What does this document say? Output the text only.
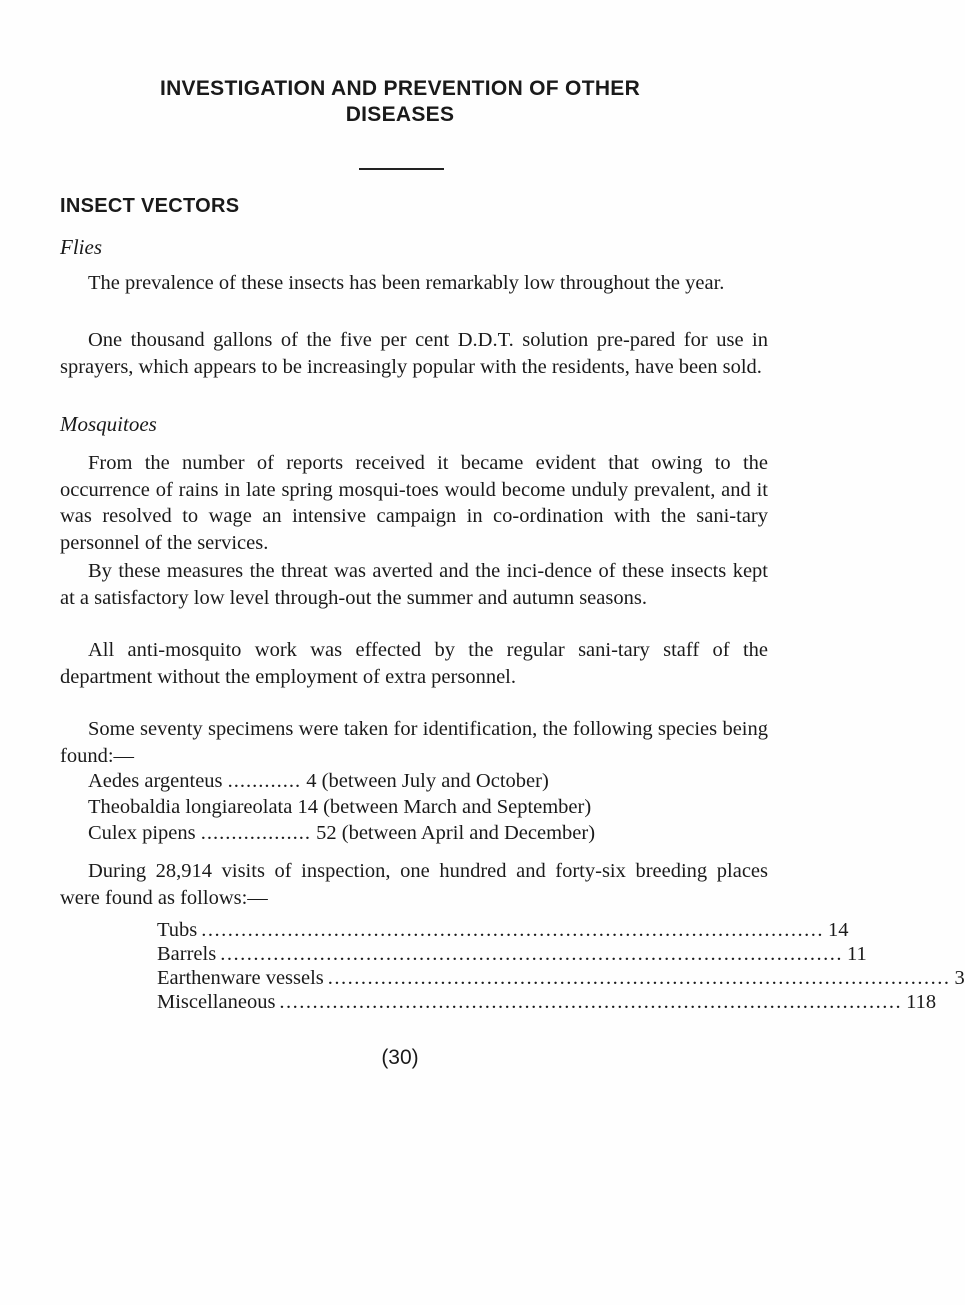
INVESTIGATION AND PREVENTION OF OTHER
DISEASES
INSECT VECTORS
Flies
The prevalence of these insects has been remarkably low throughout the year.
One thousand gallons of the five per cent D.D.T. solution pre-pared for use in sprayers, which appears to be increasingly popular with the residents, have been sold.
Mosquitoes
From the number of reports received it became evident that owing to the occurrence of rains in late spring mosqui-toes would become unduly prevalent, and it was resolved to wage an intensive campaign in co-ordination with the sani-tary personnel of the services.
By these measures the threat was averted and the inci-dence of these insects kept at a satisfactory low level through-out the summer and autumn seasons.
All anti-mosquito work was effected by the regular sani-tary staff of the department without the employment of extra personnel.
Some seventy specimens were taken for identification, the following species being found:—
Aedes argenteus ............ 4 (between July and October)
Theobaldia longiareolata 14 (between March and September)
Culex pipens .................. 52 (between April and December)
During 28,914 visits of inspection, one hundred and forty-six breeding places were found as follows:—
Tubs .............................................................................................. 14
Barrels .............................................................................................. 11
Earthenware vessels .............................................................................................. 3
Miscellaneous .............................................................................................. 118
(30)
